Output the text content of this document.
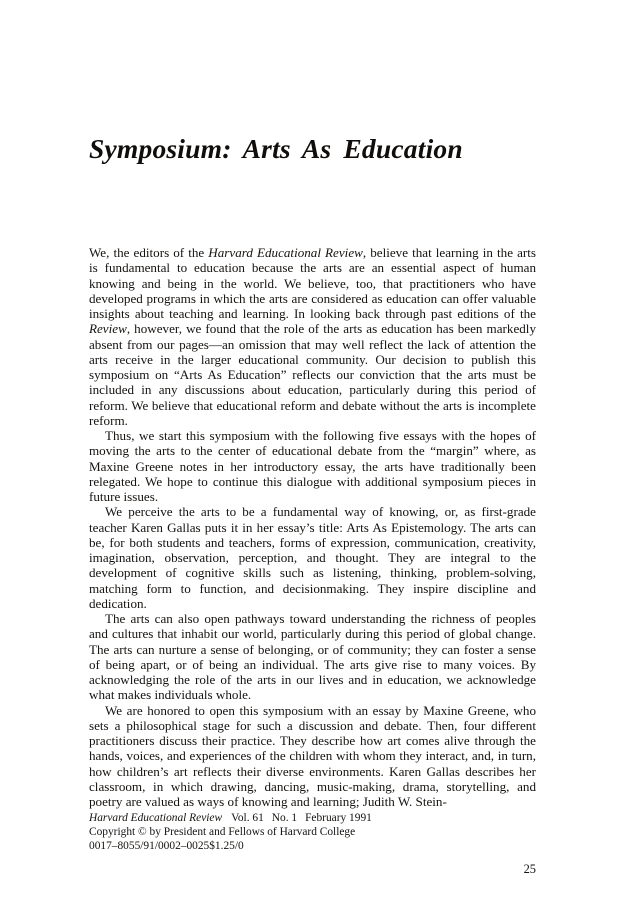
Symposium: Arts As Education

We, the editors of the Harvard Educational Review, believe that learning in the arts is fundamental to education because the arts are an essential aspect of human knowing and being in the world. We believe, too, that practitioners who have developed programs in which the arts are considered as education can offer valuable insights about teaching and learning. In looking back through past editions of the Review, however, we found that the role of the arts as education has been markedly absent from our pages—an omission that may well reflect the lack of attention the arts receive in the larger educational community. Our decision to publish this symposium on “Arts As Education” reflects our conviction that the arts must be included in any discussions about education, particularly during this period of reform. We believe that educational reform and debate without the arts is incomplete reform.

Thus, we start this symposium with the following five essays with the hopes of moving the arts to the center of educational debate from the “margin” where, as Maxine Greene notes in her introductory essay, the arts have traditionally been relegated. We hope to continue this dialogue with additional symposium pieces in future issues.

We perceive the arts to be a fundamental way of knowing, or, as first-grade teacher Karen Gallas puts it in her essay’s title: Arts As Epistemology. The arts can be, for both students and teachers, forms of expression, communication, creativity, imagination, observation, perception, and thought. They are integral to the development of cognitive skills such as listening, thinking, problem-solving, matching form to function, and decisionmaking. They inspire discipline and dedication.

The arts can also open pathways toward understanding the richness of peoples and cultures that inhabit our world, particularly during this period of global change. The arts can nurture a sense of belonging, or of community; they can foster a sense of being apart, or of being an individual. The arts give rise to many voices. By acknowledging the role of the arts in our lives and in education, we acknowledge what makes individuals whole.

We are honored to open this symposium with an essay by Maxine Greene, who sets a philosophical stage for such a discussion and debate. Then, four different practitioners discuss their practice. They describe how art comes alive through the hands, voices, and experiences of the children with whom they interact, and, in turn, how children’s art reflects their diverse environments. Karen Gallas describes her classroom, in which drawing, dancing, music-making, drama, storytelling, and poetry are valued as ways of knowing and learning; Judith W. Stein-

Harvard Educational Review Vol. 61 No. 1 February 1991
Copyright © by President and Fellows of Harvard College
0017–8055/91/0002–0025$1.25/0
25
